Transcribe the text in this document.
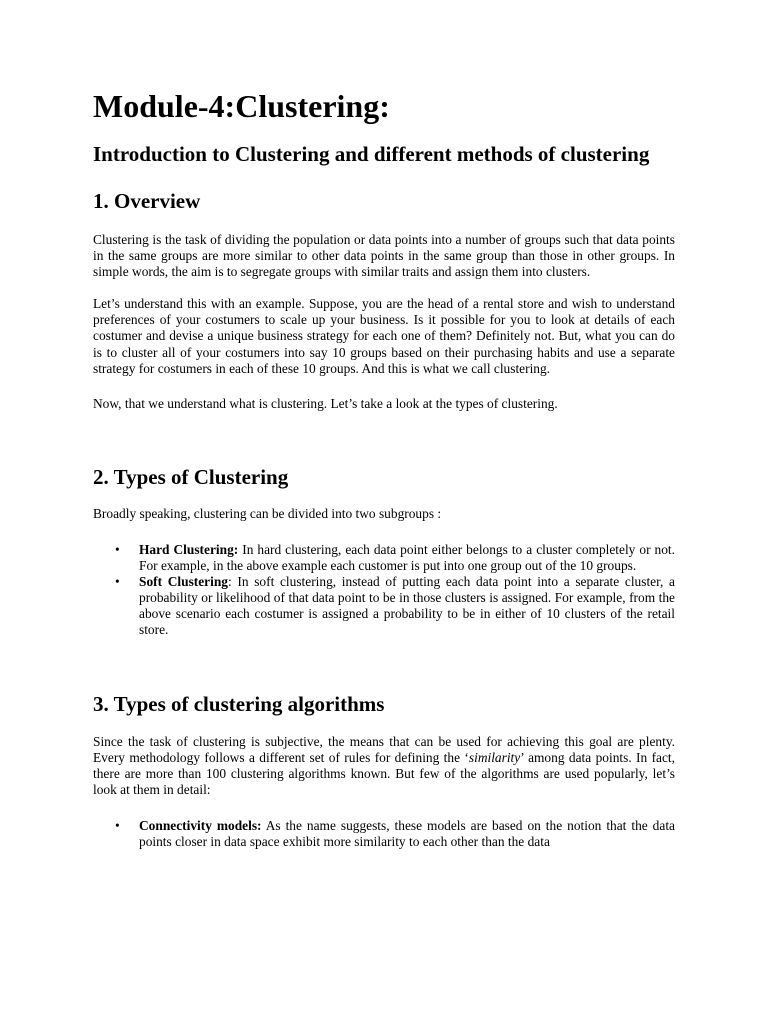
Module-4:Clustering:
Introduction to Clustering and different methods of clustering
1. Overview

Clustering is the task of dividing the population or data points into a number of groups such that data points in the same groups are more similar to other data points in the same group than those in other groups. In simple words, the aim is to segregate groups with similar traits and assign them into clusters.

Let’s understand this with an example. Suppose, you are the head of a rental store and wish to understand preferences of your costumers to scale up your business. Is it possible for you to look at details of each costumer and devise a unique business strategy for each one of them? Definitely not. But, what you can do is to cluster all of your costumers into say 10 groups based on their purchasing habits and use a separate strategy for costumers in each of these 10 groups. And this is what we call clustering.

Now, that we understand what is clustering. Let’s take a look at the types of clustering.

2. Types of Clustering

Broadly speaking, clustering can be divided into two subgroups :

• Hard Clustering: In hard clustering, each data point either belongs to a cluster completely or not. For example, in the above example each customer is put into one group out of the 10 groups.
• Soft Clustering: In soft clustering, instead of putting each data point into a separate cluster, a probability or likelihood of that data point to be in those clusters is assigned. For example, from the above scenario each costumer is assigned a probability to be in either of 10 clusters of the retail store.
3. Types of clustering algorithms

Since the task of clustering is subjective, the means that can be used for achieving this goal are plenty. Every methodology follows a different set of rules for defining the ‘similarity’ among data points. In fact, there are more than 100 clustering algorithms known. But few of the algorithms are used popularly, let’s look at them in detail:

• Connectivity models: As the name suggests, these models are based on the notion that the data points closer in data space exhibit more similarity to each other than the data
